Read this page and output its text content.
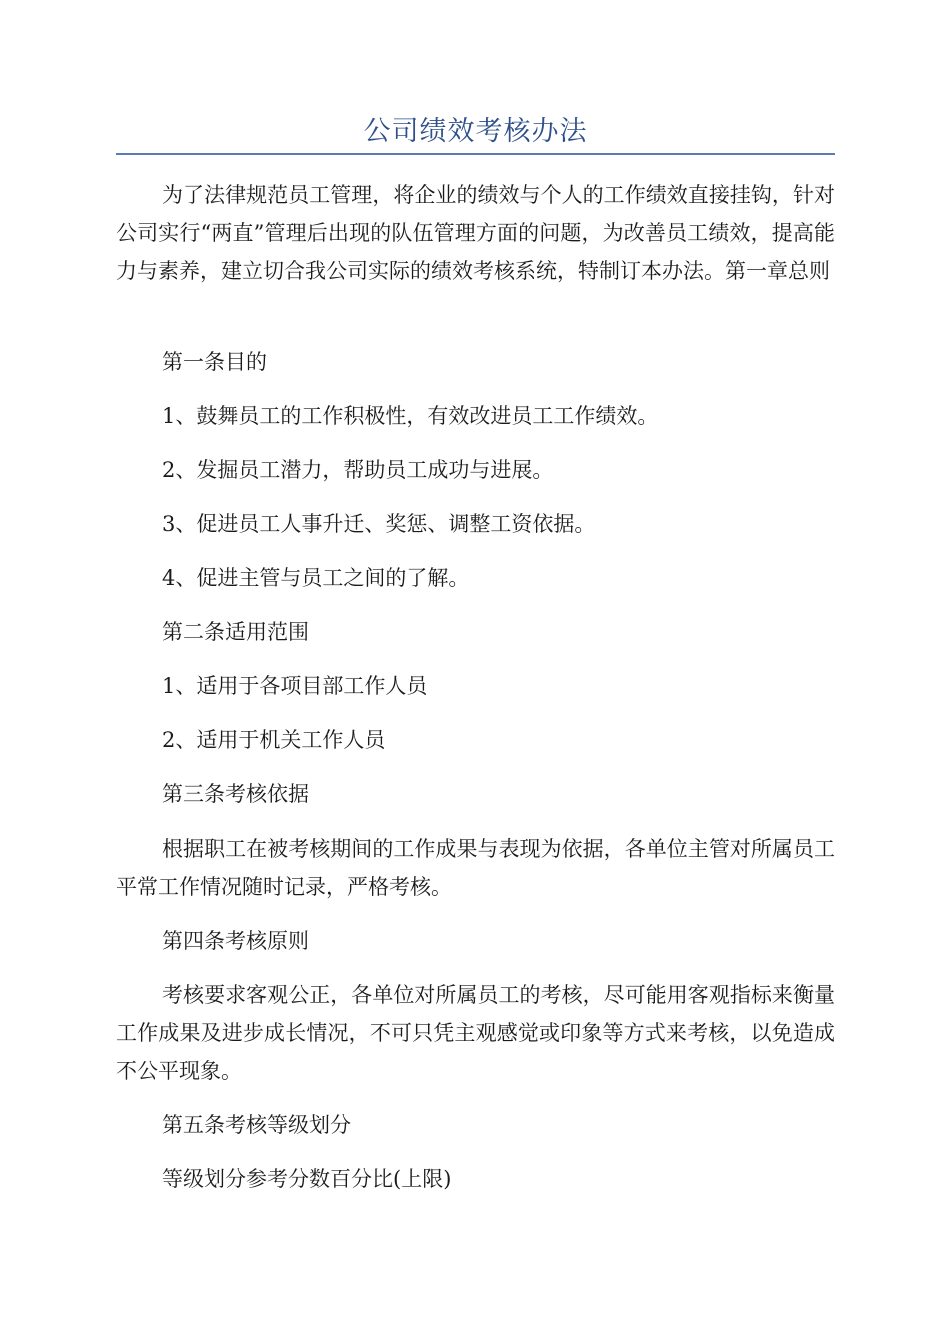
公司绩效考核办法

为了法律规范员工管理，将企业的绩效与个人的工作绩效直接挂钩，针对公司实行“两直”管理后出现的队伍管理方面的问题，为改善员工绩效，提高能力与素养，建立切合我公司实际的绩效考核系统，特制订本办法。第一章总则

第一条目的

1、鼓舞员工的工作积极性，有效改进员工工作绩效。

2、发掘员工潜力，帮助员工成功与进展。

3、促进员工人事升迁、奖惩、调整工资依据。

4、促进主管与员工之间的了解。

第二条适用范围

1、适用于各项目部工作人员

2、适用于机关工作人员

第三条考核依据

根据职工在被考核期间的工作成果与表现为依据，各单位主管对所属员工平常工作情况随时记录，严格考核。

第四条考核原则

考核要求客观公正，各单位对所属员工的考核，尽可能用客观指标来衡量工作成果及进步成长情况，不可只凭主观感觉或印象等方式来考核，以免造成不公平现象。

第五条考核等级划分

等级划分参考分数百分比(上限)
